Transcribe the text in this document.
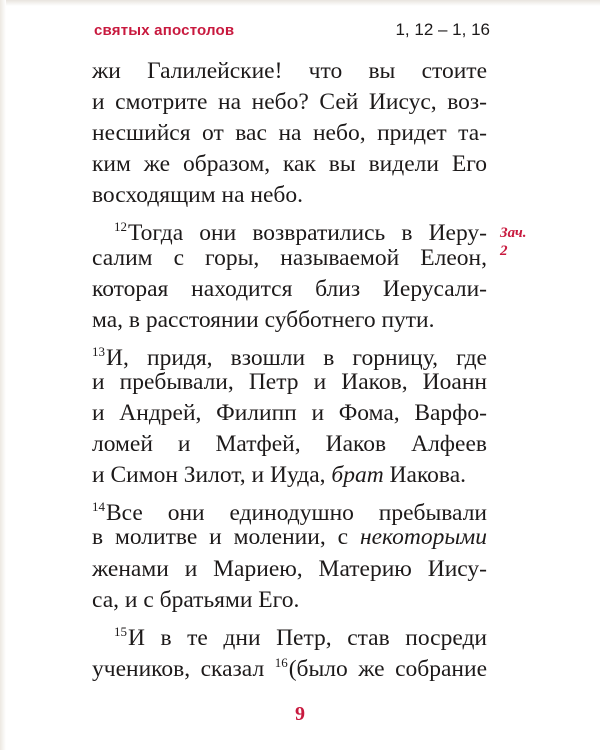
святых апостолов	1, 12 – 1, 16
жи Галилейские! что вы стоите
и смотрите на небо? Сей Иисус, воз-
несшийся от вас на небо, придет та-
ким же образом, как вы видели Его
восходящим на небо.
$^{12}$Тогда они возвратились в Иеру-
салим с горы, называемой Елеон,
которая находится близ Иерусали-
ма, в расстоянии субботнего пути.
$^{13}$И, придя, взошли в горницу, где
и пребывали, Петр и Иаков, Иоанн
и Андрей, Филипп и Фома, Варфо-
ломей и Матфей, Иаков Алфеев
и Симон Зилот, и Иуда, брат Иакова.
$^{14}$Все они единодушно пребывали
в молитве и молении, с некоторыми
женами и Мариею, Материю Иису-
са, и с братьями Его.
$^{15}$И в те дни Петр, став посреди
учеников, сказал $^{16}$(было же собрание
Зач.
2
9
